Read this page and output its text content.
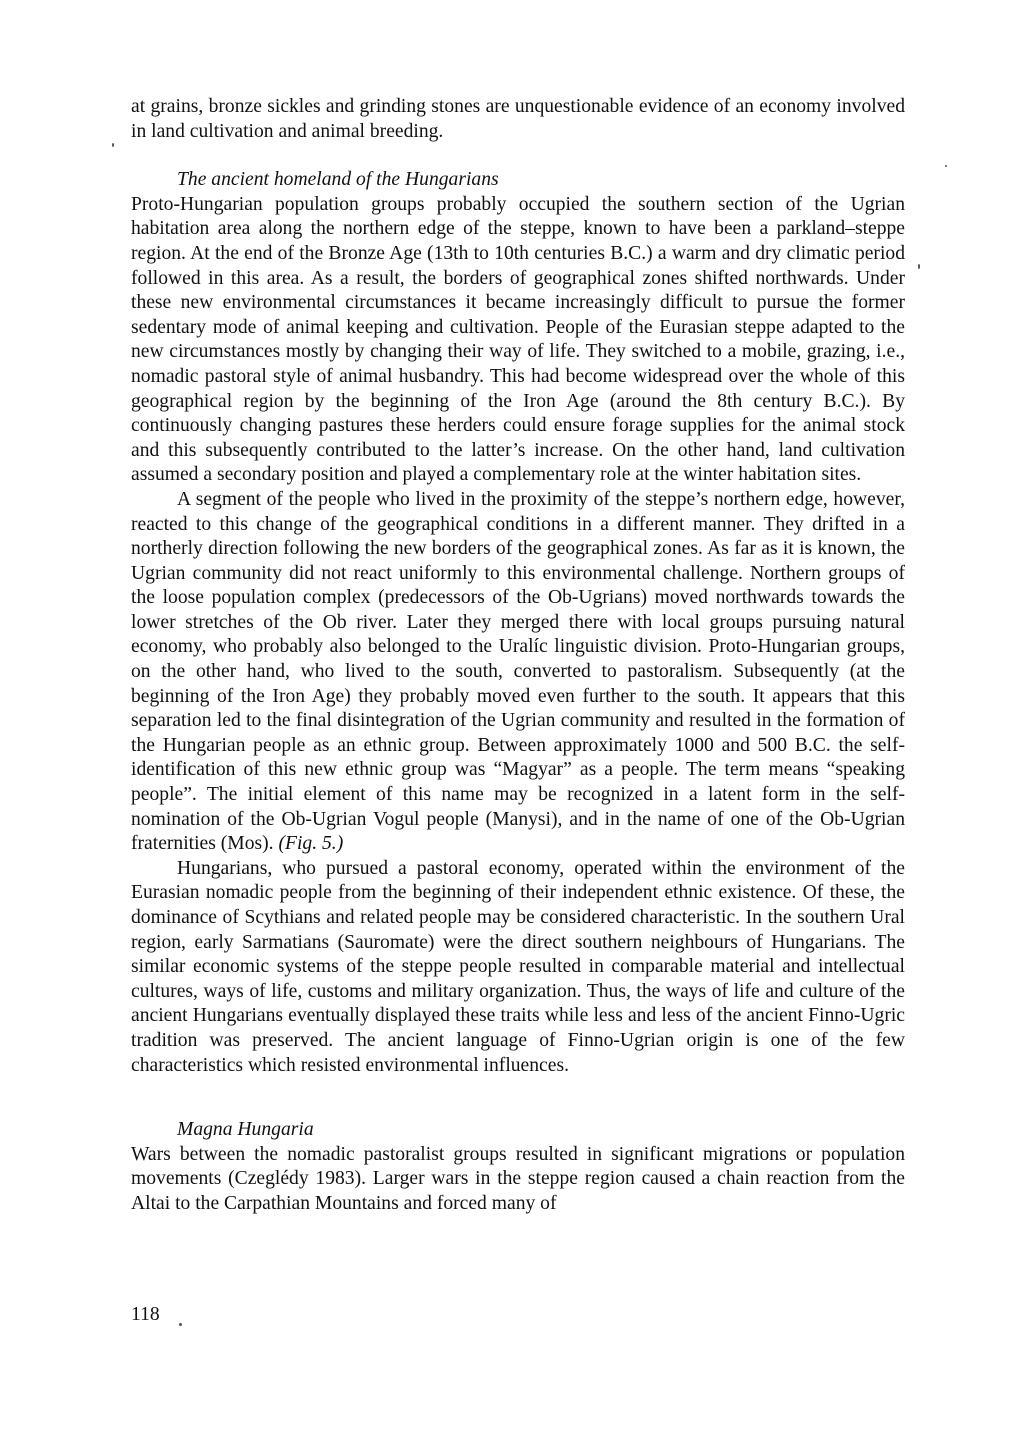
at grains, bronze sickles and grinding stones are unquestionable evidence of an economy involved in land cultivation and animal breeding.

The ancient homeland of the Hungarians

Proto-Hungarian population groups probably occupied the southern section of the Ugrian habitation area along the northern edge of the steppe, known to have been a parkland–steppe region. At the end of the Bronze Age (13th to 10th centuries B.C.) a warm and dry climatic period followed in this area. As a result, the borders of geographical zones shifted northwards. Under these new environmental circumstances it became increasingly difficult to pursue the former sedentary mode of animal keeping and cultivation. People of the Eurasian steppe adapted to the new circumstances mostly by changing their way of life. They switched to a mobile, grazing, i.e., nomadic pastoral style of animal husbandry. This had become widespread over the whole of this geographical region by the beginning of the Iron Age (around the 8th century B.C.). By continuously changing pastures these herders could ensure forage supplies for the animal stock and this subsequently contributed to the latter’s increase. On the other hand, land cultivation assumed a secondary position and played a complementary role at the winter habitation sites.

A segment of the people who lived in the proximity of the steppe’s northern edge, however, reacted to this change of the geographical conditions in a different manner. They drifted in a northerly direction following the new borders of the geographical zones. As far as it is known, the Ugrian community did not react uniformly to this environmental challenge. Northern groups of the loose population complex (predecessors of the Ob-Ugrians) moved northwards towards the lower stretches of the Ob river. Later they merged there with local groups pursuing natural economy, who probably also belonged to the Uralíc linguistic division. Proto-Hungarian groups, on the other hand, who lived to the south, converted to pastoralism. Subsequently (at the beginning of the Iron Age) they probably moved even further to the south. It appears that this separation led to the final disintegration of the Ugrian community and resulted in the formation of the Hungarian people as an ethnic group. Between approximately 1000 and 500 B.C. the self-identification of this new ethnic group was “Magyar” as a people. The term means “speaking people”. The initial element of this name may be recognized in a latent form in the self-nomination of the Ob-Ugrian Vogul people (Manysi), and in the name of one of the Ob-Ugrian fraternities (Mos). (Fig. 5.)

Hungarians, who pursued a pastoral economy, operated within the environment of the Eurasian nomadic people from the beginning of their independent ethnic existence. Of these, the dominance of Scythians and related people may be considered characteristic. In the southern Ural region, early Sarmatians (Sauromate) were the direct southern neighbours of Hungarians. The similar economic systems of the steppe people resulted in comparable material and intellectual cultures, ways of life, customs and military organization. Thus, the ways of life and culture of the ancient Hungarians eventually displayed these traits while less and less of the ancient Finno-Ugric tradition was preserved. The ancient language of Finno-Ugrian origin is one of the few characteristics which resisted environmental influences.

Magna Hungaria

Wars between the nomadic pastoralist groups resulted in significant migrations or population movements (Czeglédy 1983). Larger wars in the steppe region caused a chain reaction from the Altai to the Carpathian Mountains and forced many of

118
